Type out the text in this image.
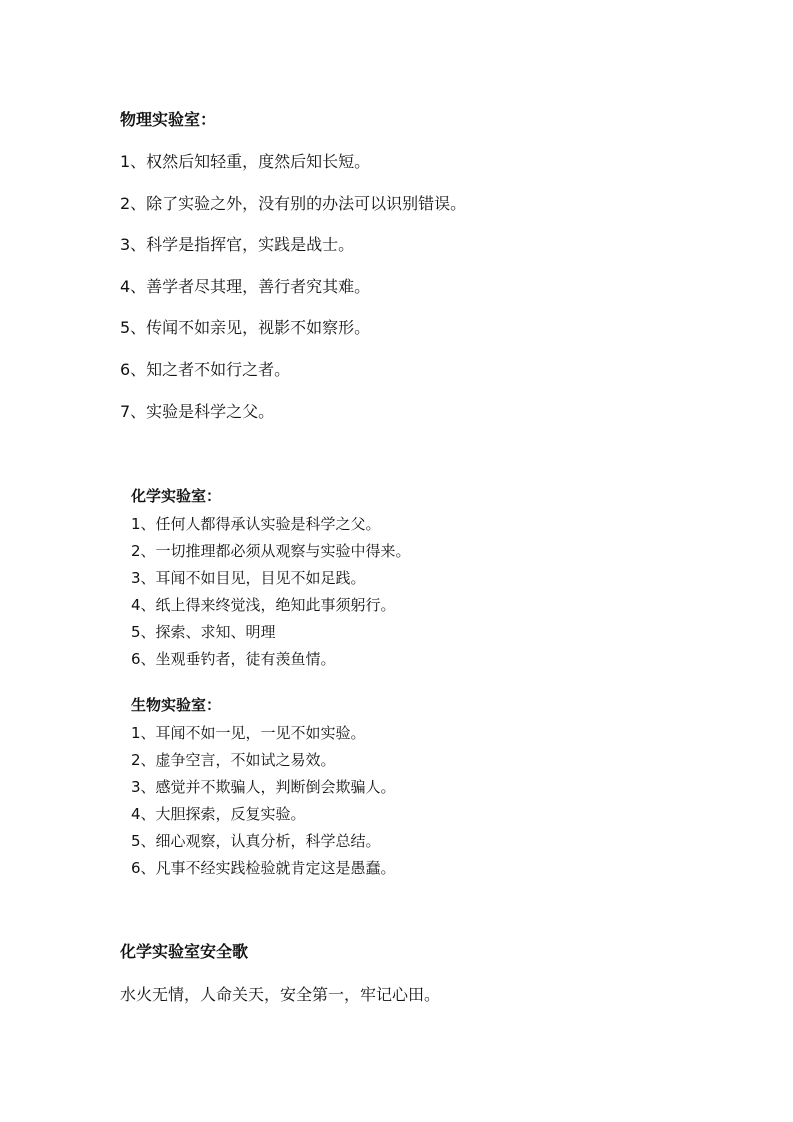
物理实验室：
1、权然后知轻重，度然后知长短。
2、除了实验之外，没有别的办法可以识别错误。
3、科学是指挥官，实践是战士。
4、善学者尽其理，善行者究其难。
5、传闻不如亲见，视影不如察形。
6、知之者不如行之者。
7、实验是科学之父。
化学实验室：
1、任何人都得承认实验是科学之父。
2、一切推理都必须从观察与实验中得来。
3、耳闻不如目见，目见不如足践。
4、纸上得来终觉浅，绝知此事须躬行。
5、探索、求知、明理
6、坐观垂钓者，徒有羡鱼情。
生物实验室：
1、耳闻不如一见，一见不如实验。
2、虚争空言，不如试之易效。
3、感觉并不欺骗人，判断倒会欺骗人。
4、大胆探索，反复实验。
5、细心观察，认真分析，科学总结。
6、凡事不经实践检验就肯定这是愚蠢。
化学实验室安全歌
水火无情，人命关天，安全第一，牢记心田。
